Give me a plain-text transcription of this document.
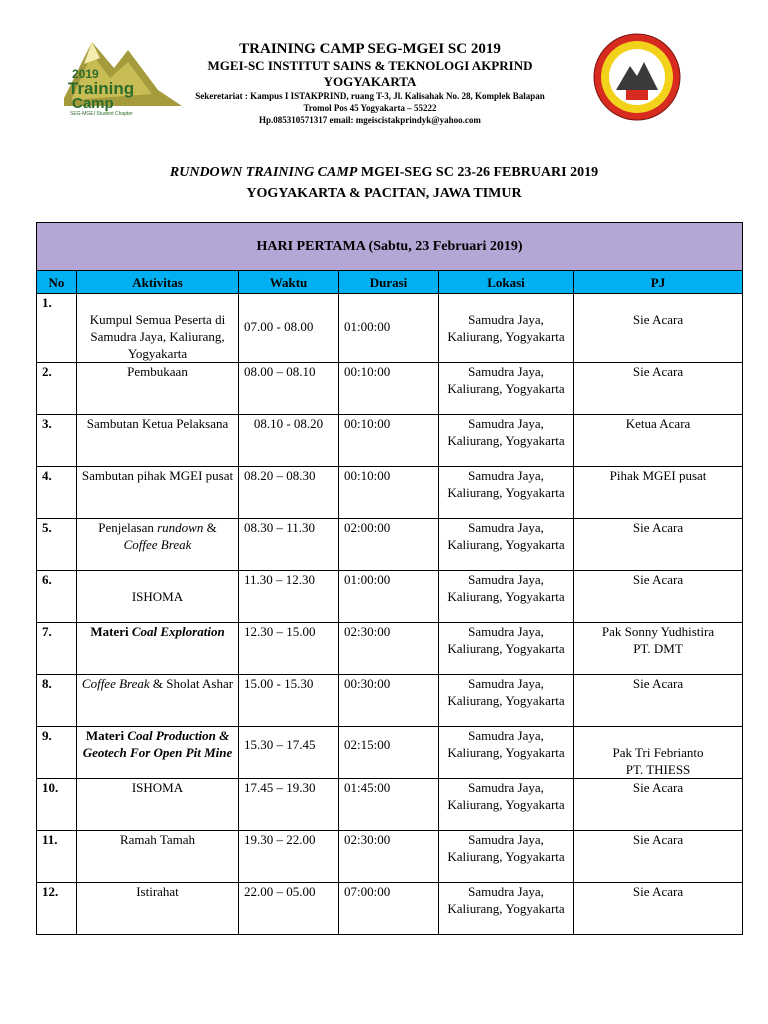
2019
Training
Camp
SEG-MGEI Student Chapter
TRAINING CAMP SEG-MGEI SC 2019
MGEI-SC INSTITUT SAINS & TEKNOLOGI AKPRIND YOGYAKARTA
Sekeretariat : Kampus I ISTAKPRIND, ruang T-3, Jl. Kalisahak No. 28, Komplek Balapan
Tromol Pos 45 Yogyakarta – 55222
Hp.085310571317 email: mgeiscistakprindyk@yahoo.com
RUNDOWN TRAINING CAMP MGEI-SEG SC 23-26 FEBRUARI 2019
YOGYAKARTA & PACITAN, JAWA TIMUR
HARI PERTAMA (Sabtu, 23 Februari 2019)					
No	Aktivitas	Waktu	Durasi	Lokasi	PJ
1.	Kumpul Semua Peserta di Samudra Jaya, Kaliurang, Yogyakarta	07.00 - 08.00	01:00:00	Samudra Jaya, Kaliurang, Yogyakarta	Sie Acara

2.	Pembukaan	08.00 – 08.10	00:10:00	Samudra Jaya, Kaliurang, Yogyakarta	Sie Acara
3.	Sambutan Ketua Pelaksana	08.10 - 08.20	00:10:00	Samudra Jaya, Kaliurang, Yogyakarta	Ketua Acara
4.	Sambutan pihak MGEI pusat	08.20 – 08.30	00:10:00	Samudra Jaya, Kaliurang, Yogyakarta	Pihak MGEI pusat
5.	Penjelasan rundown &
Coffee Break	08.30 – 11.30	02:00:00	Samudra Jaya, Kaliurang, Yogyakarta	Sie Acara
6.	ISHOMA	11.30 – 12.30	01:00:00	Samudra Jaya, Kaliurang, Yogyakarta	Sie Acara
7.	Materi Coal Exploration	12.30 – 15.00	02:30:00	Samudra Jaya, Kaliurang, Yogyakarta	Pak Sonny Yudhistira
PT. DMT
8.	Coffee Break & Sholat Ashar	15.00 - 15.30	00:30:00	Samudra Jaya, Kaliurang, Yogyakarta	Sie Acara
9.	Materi Coal Production & Geotech For Open Pit Mine	15.30 – 17.45	02:15:00	Samudra Jaya, Kaliurang, Yogyakarta	Pak Tri Febrianto
PT. THIESS
10.	ISHOMA	17.45 – 19.30	01:45:00	Samudra Jaya, Kaliurang, Yogyakarta	Sie Acara
11.	Ramah Tamah	19.30 – 22.00	02:30:00	Samudra Jaya, Kaliurang, Yogyakarta	Sie Acara
12.	Istirahat	22.00 – 05.00	07:00:00	Samudra Jaya, Kaliurang, Yogyakarta	Sie Acara
